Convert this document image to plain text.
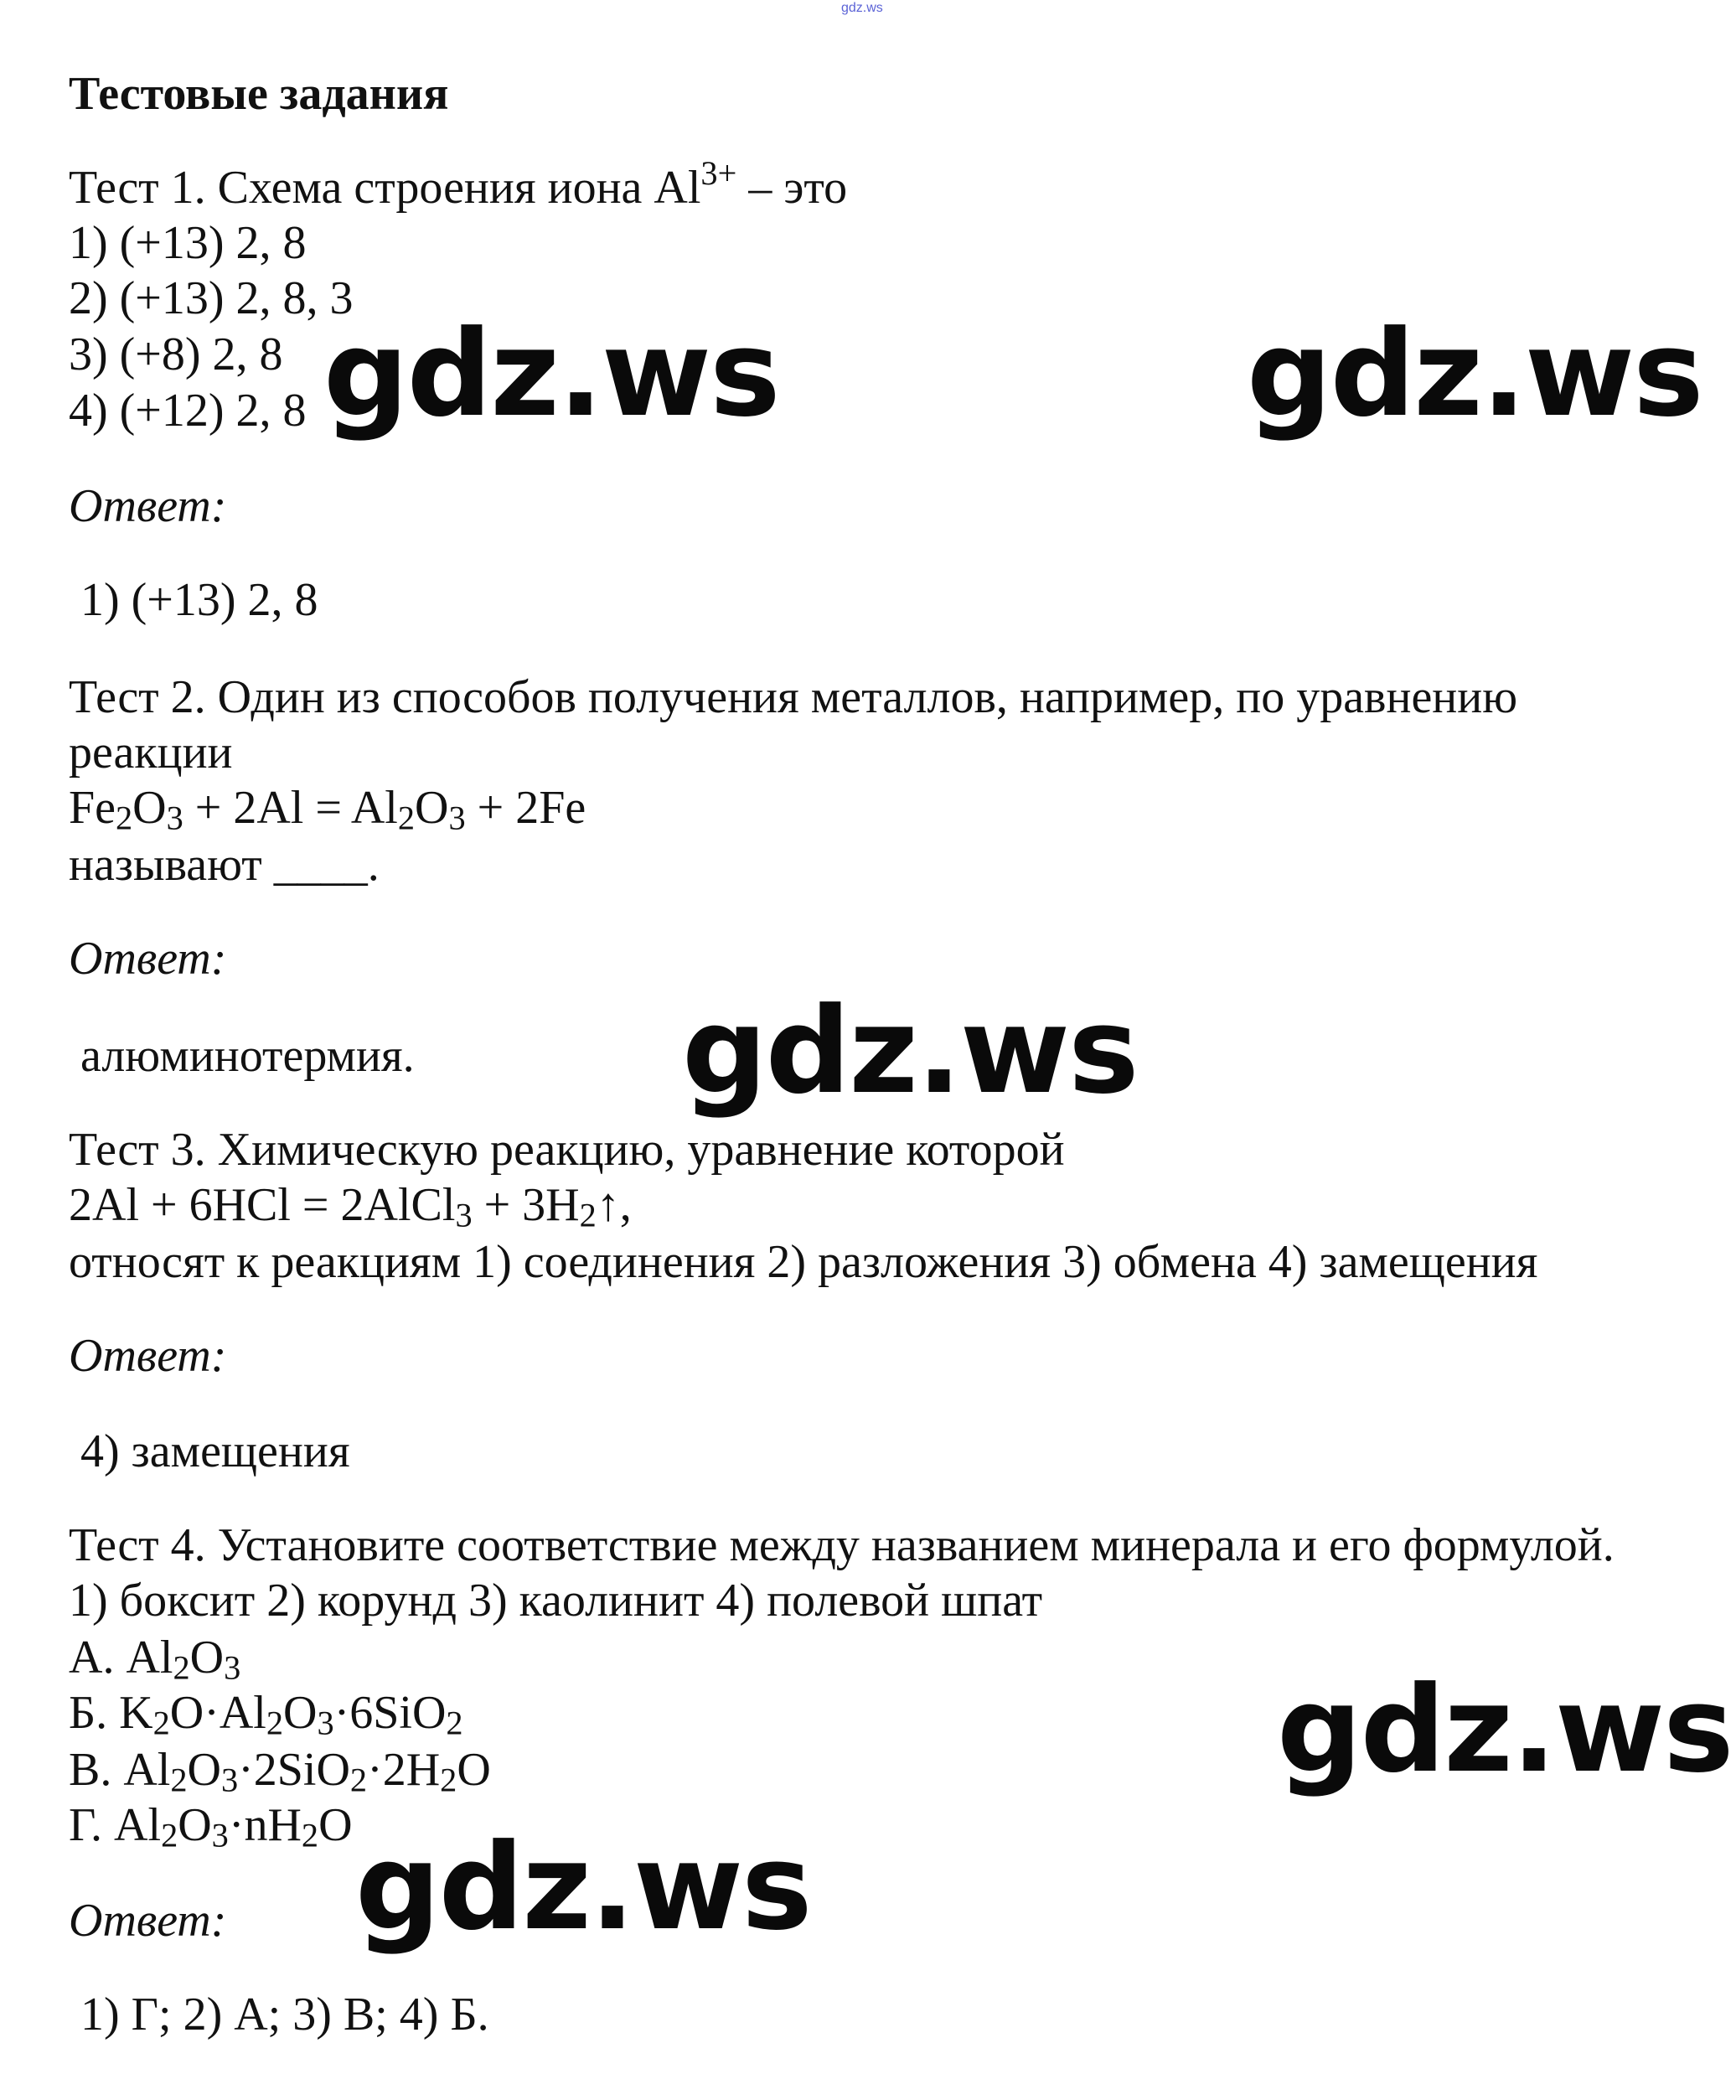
gdz.ws
Тестовые задания
Тест 1. Схема строения иона $Al^{3+}$ – это
1) (+13) 2, 8
2) (+13) 2, 8, 3
3) (+8) 2, 8
4) (+12) 2, 8
Ответ:
1) (+13) 2, 8
Тест 2. Один из способов получения металлов, например, по уравнению
реакции
$Fe_2O_3 + 2Al = Al_2O_3 + 2Fe$
называют ____.
Ответ:
алюминотермия.
Тест 3. Химическую реакцию, уравнение которой
2Al + 6HCl = 2AlCl$_3$ + $3H_2↑$,
относят к реакциям 1) соединения 2) разложения 3) обмена 4) замещения
Ответ:
4) замещения
Тест 4. Установите соответствие между названием минерала и его формулой.
1) боксит 2) корунд 3) каолинит 4) полевой шпат
А. $Al_2O_3$
Б. $K_2O\cdot Al_2O_3\cdot 6SiO_2$
В. $Al_2O_3\cdot 2SiO_2\cdot 2H_2O$
Г. $Al_2O_3\cdot nH_2O$
Ответ:
1) Г; 2) А; 3) В; 4) Б.
gdz.ws	gdz.ws
gdz.ws
gdz.ws
gdz.ws
